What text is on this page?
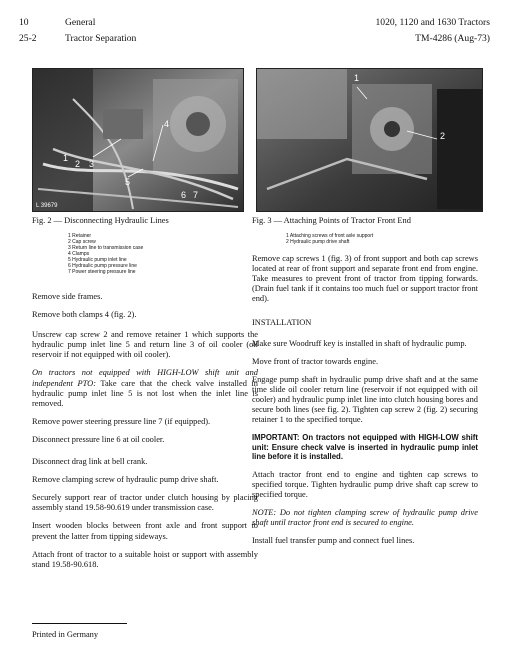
10	General
25-2	Tractor Separation
1020, 1120 and 1630 Tractors
TM-4286 (Aug-73)
4
1
2 3
5
6 7
L 39679
1
2
Fig. 2 — Disconnecting Hydraulic Lines	Fig. 3 — Attaching Points of Tractor Front End
1 Retainer
2 Cap screw
3 Return line to transmission case
4 Clamps
5 Hydraulic pump inlet line
6 Hydraulic pump pressure line
7 Power steering pressure line
1 Attaching screws of front axle support
2 Hydraulic pump drive shaft

Remove side frames.

Remove both clamps 4 (fig. 2).

Unscrew cap screw 2 and remove retainer 1 which supports the hydraulic pump inlet line 5 and return line 3 of oil cooler (oil reservoir if not equipped with oil cooler).

On tractors not equipped with HIGH-LOW shift unit and independent PTO: Take care that the check valve installed in hydraulic pump inlet line 5 is not lost when the inlet line is removed.

Remove power steering pressure line 7 (if equipped).

Disconnect pressure line 6 at oil cooler.

Disconnect drag link at bell crank.

Remove clamping screw of hydraulic pump drive shaft.

Securely support rear of tractor under clutch housing by placing assembly stand 19.58-90.619 under transmission case.

Insert wooden blocks between front axle and front support to prevent the latter from tipping sideways.

Attach front of tractor to a suitable hoist or support with assembly stand 19.58-90.618.

Remove cap screws 1 (fig. 3) of front support and both cap screws located at rear of front support and separate front end from engine. Take measures to prevent front of tractor from tipping forwards. (Drain fuel tank if it contains too much fuel or support tractor front end).

INSTALLATION

Make sure Woodruff key is installed in shaft of hydraulic pump.

Move front of tractor towards engine.

Engage pump shaft in hydraulic pump drive shaft and at the same time slide oil cooler return line (reservoir if not equipped with oil cooler) and hydraulic pump inlet line into clutch housing bores and secure both lines (see fig. 2). Tighten cap screw 2 (fig. 2) securing retainer 1 to the specified torque.

IMPORTANT: On tractors not equipped with HIGH-LOW shift unit: Ensure check valve is inserted in hydraulic pump inlet line before it is installed.

Attach tractor front end to engine and tighten cap screws to specified torque. Tighten hydraulic pump drive shaft cap screw to specified torque.

NOTE: Do not tighten clamping screw of hydraulic pump drive shaft until tractor front end is secured to engine.

Install fuel transfer pump and connect fuel lines.

Printed in Germany
